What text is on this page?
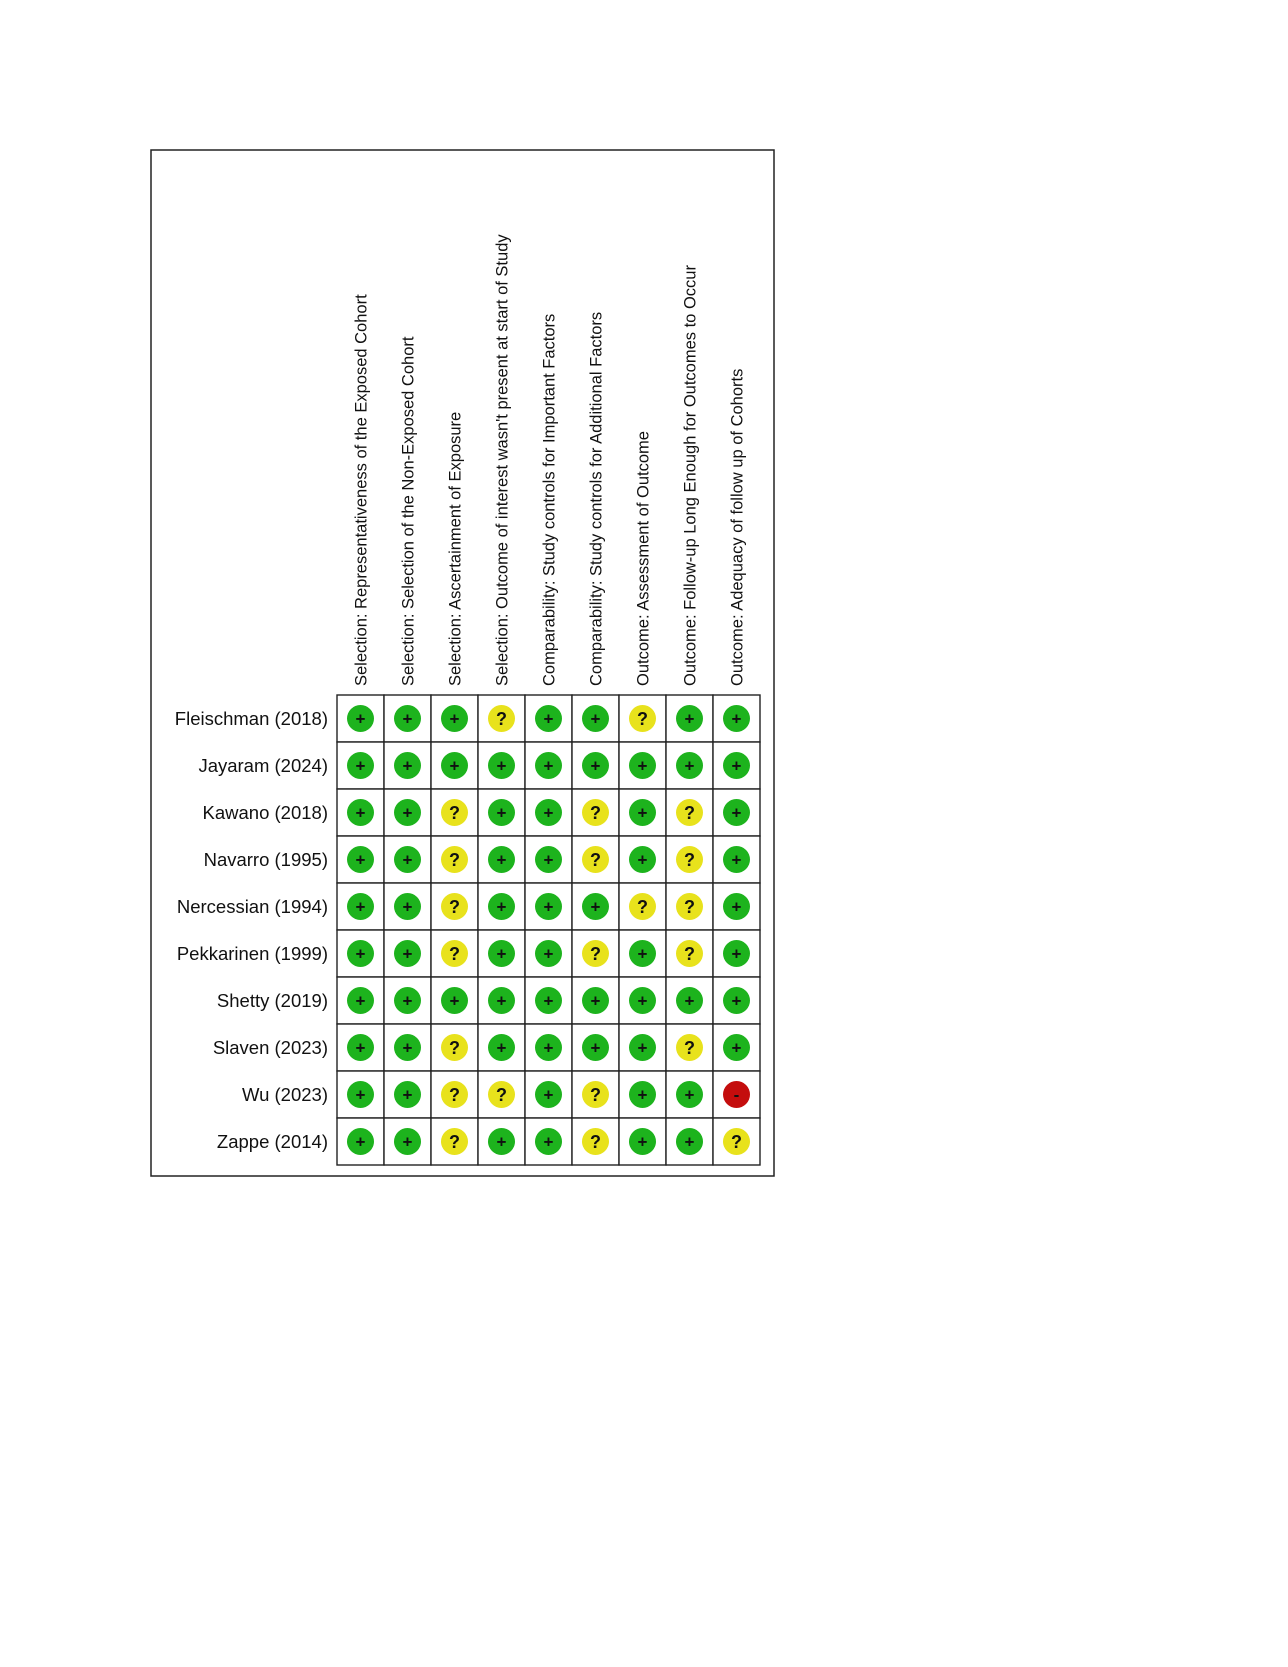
Selection: Representativeness of the Exposed Cohort Selection: Selection of the Non-Exposed Cohort Selection: Ascertainment of Exposure Selection: Outcome of interest wasn't present at start of Study Comparability: Study controls for Important Factors Comparability: Study controls for Additional Factors Outcome: Assessment of Outcome Outcome: Follow-up Long Enough for Outcomes to Occur Outcome: Adequacy of follow up of Cohorts
Fleischman (2018)
Jayaram (2024)
Kawano (2018)
Navarro (1995)
Nercessian (1994)
Pekkarinen (1999)
Shetty (2019)
Slaven (2023)
Wu (2023)
Zappe (2014)
+ + + ? + + ? + +
+ + + + + + + + +
+ + ? + + ? + ? +
+ + ? + + ? + ? +
+ + ? + + + ? ? +
+ + ? + + ? + ? +
+ + + + + + + + +
+ + ? + + + + ? +
+ + ? ? + ? + + -
+ + ? + + ? + + ?
